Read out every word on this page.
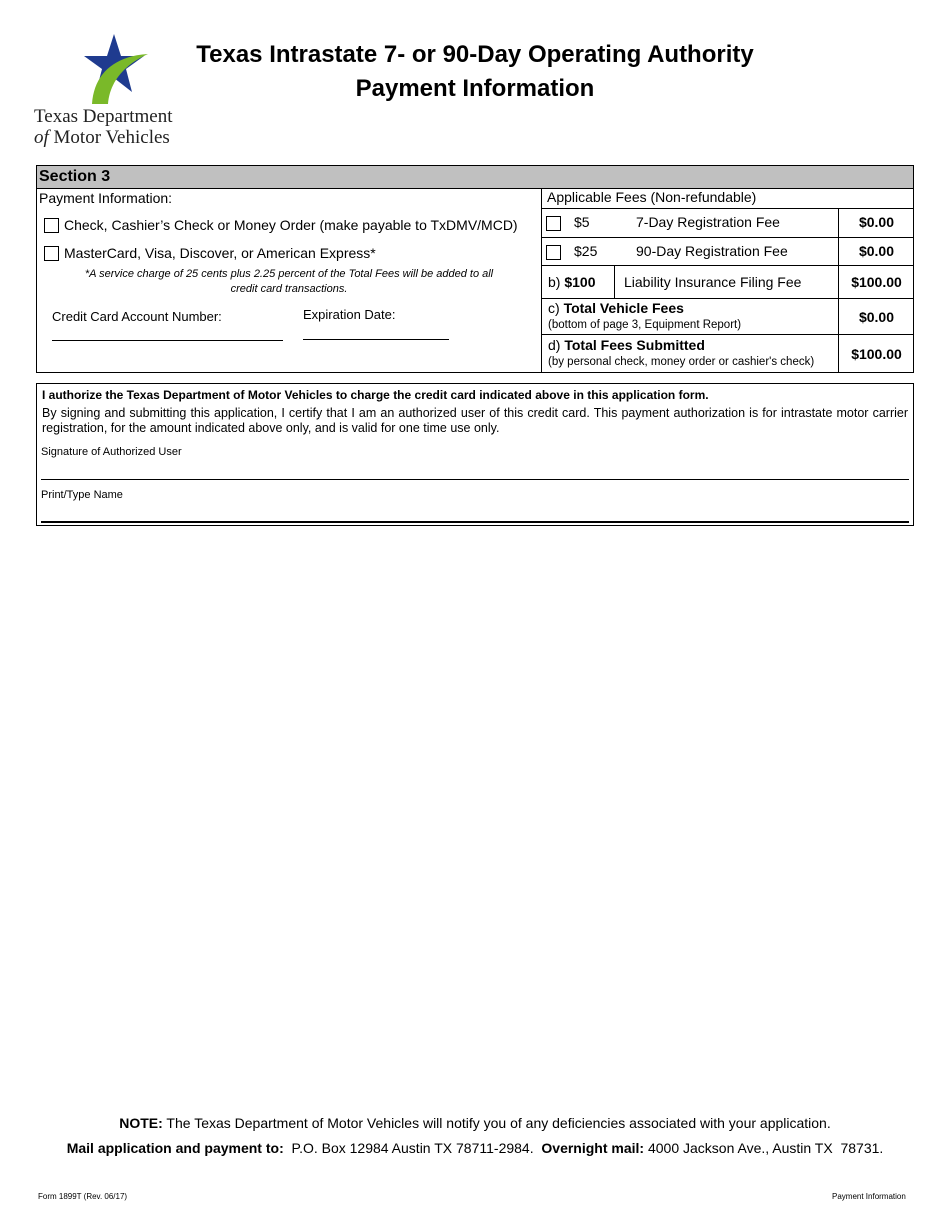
Texas Department
of Motor Vehicles
Texas Intrastate 7- or 90-Day Operating Authority
Payment Information
Section 3
Payment Information:
Check, Cashier’s Check or Money Order (make payable to TxDMV/MCD)
MasterCard, Visa, Discover, or American Express*
*A service charge of 25 cents plus 2.25 percent of the Total Fees will be added to all
credit card transactions.
Credit Card Account Number:	Expiration Date:
Applicable Fees (Non-refundable)
$5	7-Day Registration Fee	$0.00
$25	90-Day Registration Fee	$0.00
b) $100 Liability Insurance Filing Fee	$100.00
c) Total Vehicle Fees
(bottom of page 3, Equipment Report)	$0.00
d) Total Fees Submitted
(by personal check, money order or cashier's check)	$100.00
I authorize the Texas Department of Motor Vehicles to charge the credit card indicated above in this application form.
By signing and submitting this application, I certify that I am an authorized user of this credit card. This payment authorization is for intrastate motor carrier registration, for the amount indicated above only, and is valid for one time use only.
Signature of Authorized User
Print/Type Name
NOTE: The Texas Department of Motor Vehicles will notify you of any deficiencies associated with your application.
Mail application and payment to:  P.O. Box 12984 Austin TX 78711-2984.  Overnight mail: 4000 Jackson Ave., Austin TX  78731.
Form 1899T (Rev. 06/17)	Payment Information
